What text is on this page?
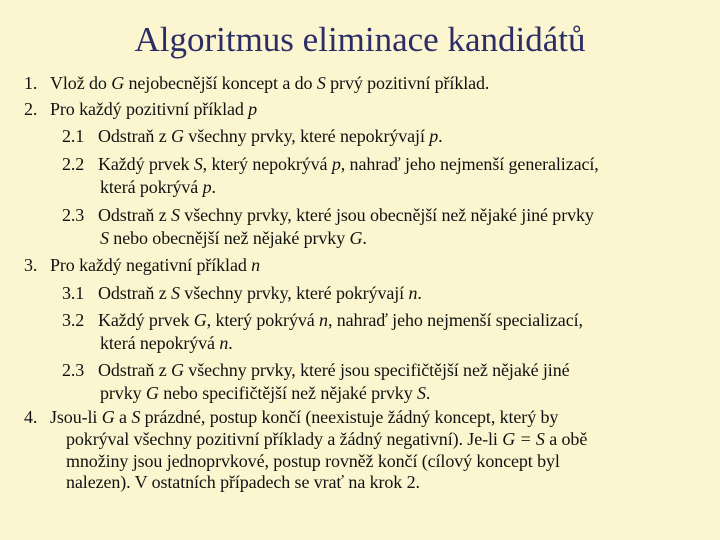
Algoritmus eliminace kandidátů
1. Vlož do G nejobecnější koncept a do S prvý pozitivní příklad.
2. Pro každý pozitivní příklad p
2.1 Odstraň z G všechny prvky, které nepokrývají p.
2.2 Každý prvek S, který nepokrývá p, nahraď jeho nejmenší generalizací,
která pokrývá p.
2.3 Odstraň z S všechny prvky, které jsou obecnější než nějaké jiné prvky
S nebo obecnější než nějaké prvky G.
3. Pro každý negativní příklad n
3.1 Odstraň z S všechny prvky, které pokrývají n.
3.2 Každý prvek G, který pokrývá n, nahraď jeho nejmenší specializací,
která nepokrývá n.
2.3 Odstraň z G všechny prvky, které jsou specifičtější než nějaké jiné
prvky G nebo specifičtější než nějaké prvky S.
4. Jsou-li G a S prázdné, postup končí (neexistuje žádný koncept, který by
pokrýval všechny pozitivní příklady a žádný negativní). Je-li G = S a obě
množiny jsou jednoprvkové, postup rovněž končí (cílový koncept byl
nalezen). V ostatních případech se vrať na krok 2.
